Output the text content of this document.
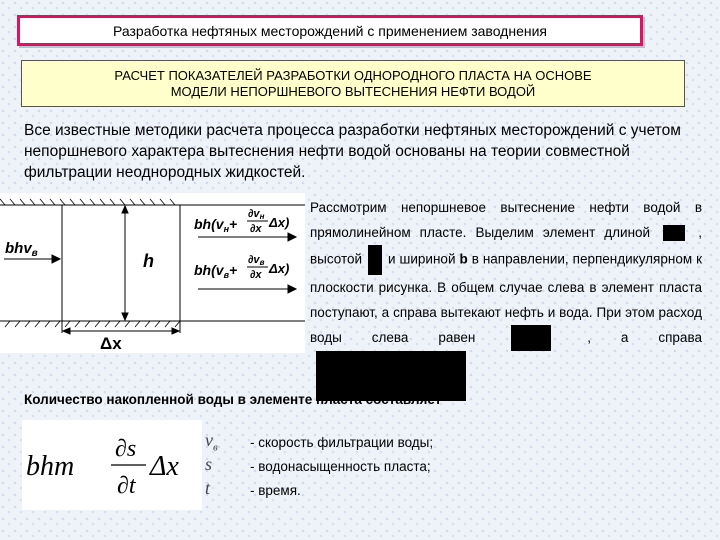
Разработка нефтяных месторождений с применением заводнения
РАСЧЕТ ПОКАЗАТЕЛЕЙ РАЗРАБОТКИ ОДНОРОДНОГО ПЛАСТА НА ОСНОВЕ
МОДЕЛИ НЕПОРШНЕВОГО ВЫТЕСНЕНИЯ НЕФТИ ВОДОЙ
Все известные методики расчета процесса разработки нефтяных месторождений с учетом непоршневого характера вытеснения нефти водой основаны на теории совместной фильтрации неоднородных жидкостей.
bhv$_в$	h
Δx
$bh(v_н+$
∂vн
∂x Δx)
$bh(v_в+$
∂vв
∂x Δx)

Рассмотрим непоршневое вытеснение нефти водой в прямолинейном пласте. Выделим элемент длиной	, высотой и шириной b в направлении, перпендикулярном к плоскости рисунка. В общем случае слева в элемент пласта поступают, а справа вытекают нефть и вода. При этом расход воды слева равен	, а справа

Количество накопленной воды в элементе пласта составляет
bhm
∂s
∂t
Δx
$v_в$	- скорость фильтрации воды;
s	- водонасыщенность пласта;
t	- время.
